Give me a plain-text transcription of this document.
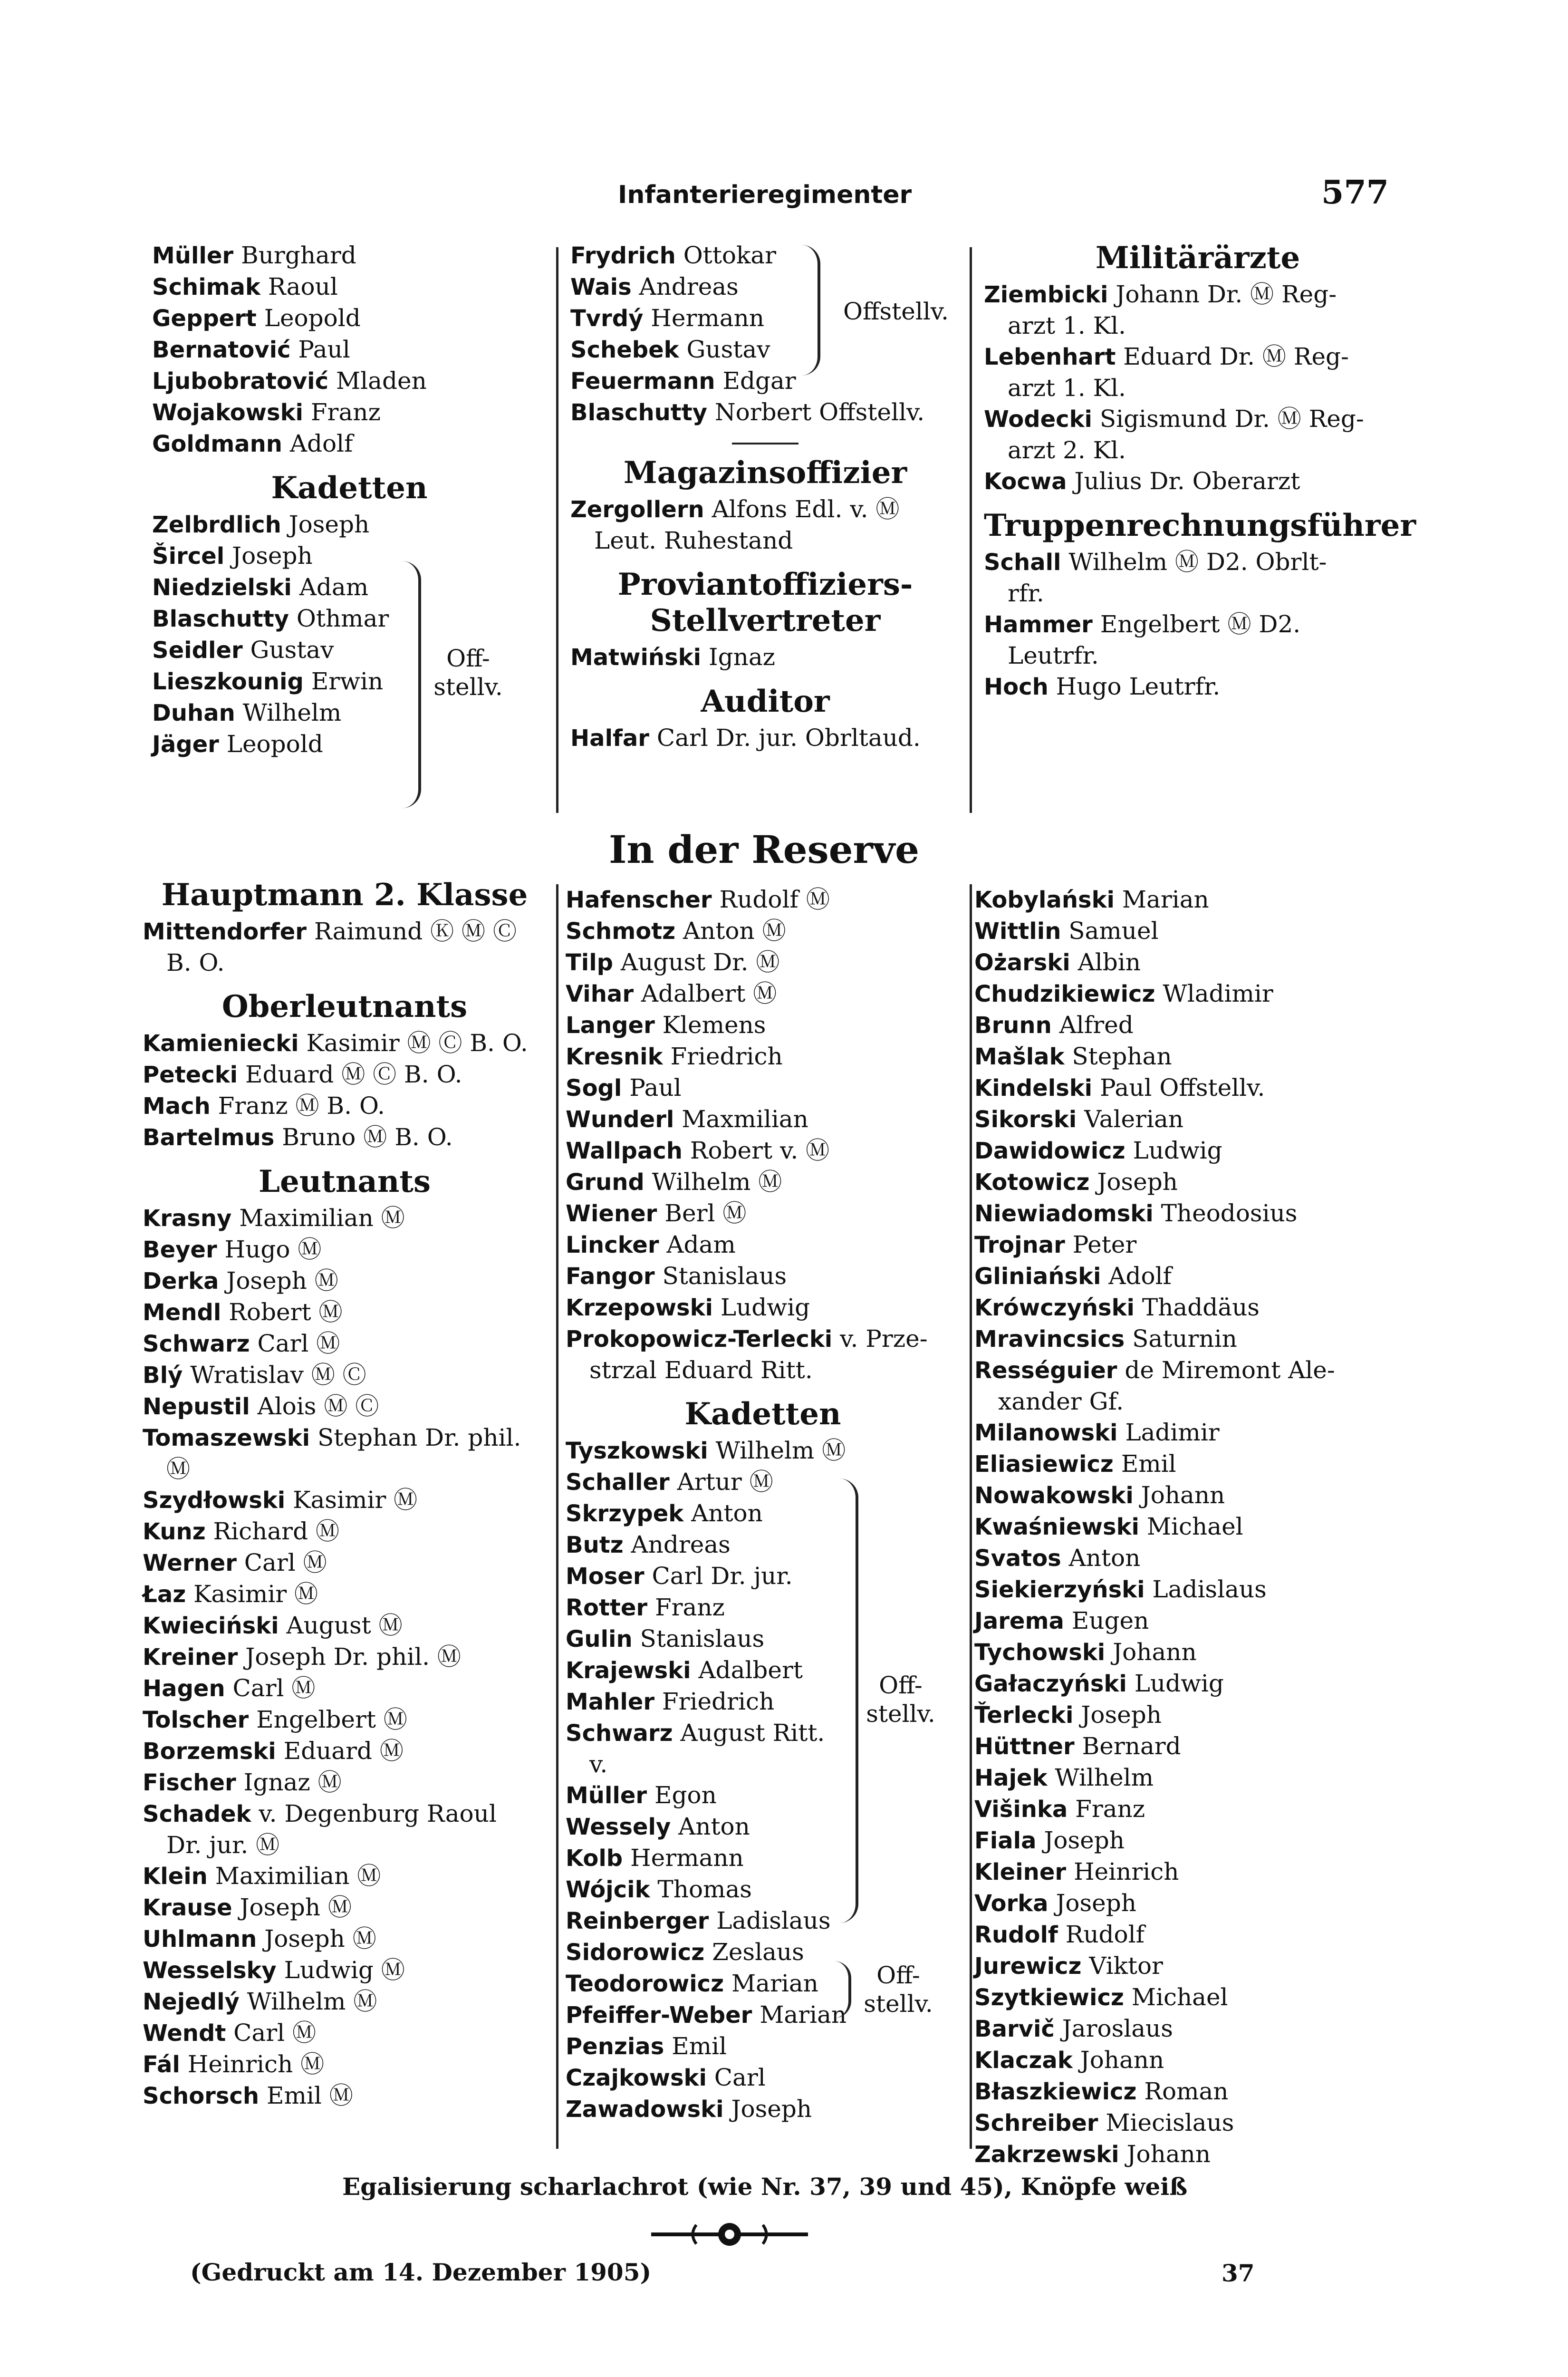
Infanterieregimenter	577
Müller Burghard
Schimak Raoul
Geppert Leopold
Bernatović Paul
Ljubobratović Mladen
Wojakowski Franz
Goldmann Adolf
Kadetten
Zelbrdlich Joseph
Šircel Joseph
Niedzielski Adam
Blaschutty Othmar
Seidler Gustav
Lieszkounig Erwin
Duhan Wilhelm
Jäger Leopold
Off-stellv.
Frydrich Ottokar
Wais Andreas
Tvrdý Hermann
Schebek Gustav
Feuermann Edgar
Blaschutty Norbert Offstellv.
Magazinsoffizier
Zergollern Alfons Edl. v. Ⓜ
Leut. Ruhestand
Proviantoffiziers-Stellvertreter
Matwiński Ignaz
Auditor
Halfar Carl Dr. jur. Obrltaud.
Offstellv.
Militärärzte
Ziembicki Johann Dr. Ⓜ Reg-
arzt 1. Kl.
Lebenhart Eduard Dr. Ⓜ Reg-
arzt 1. Kl.
Wodecki Sigismund Dr. Ⓜ Reg-
arzt 2. Kl.
Kocwa Julius Dr. Oberarzt
Truppenrechnungsführer
Schall Wilhelm Ⓜ D2. Obrlt-
rfr.
Hammer Engelbert Ⓜ D2.
Leutrfr.
Hoch Hugo Leutrfr.
In der Reserve
Hauptmann 2. Klasse
Mittendorfer Raimund Ⓚ Ⓜ Ⓒ
B. O.
Oberleutnants
Kamieniecki Kasimir Ⓜ Ⓒ B. O.
Petecki Eduard Ⓜ Ⓒ B. O.
Mach Franz Ⓜ B. O.
Bartelmus Bruno Ⓜ B. O.
Leutnants
Krasny Maximilian Ⓜ
Beyer Hugo Ⓜ
Derka Joseph Ⓜ
Mendl Robert Ⓜ
Schwarz Carl Ⓜ
Blý Wratislav Ⓜ Ⓒ
Nepustil Alois Ⓜ Ⓒ
Tomaszewski Stephan Dr. phil.
Ⓜ
Szydłowski Kasimir Ⓜ
Kunz Richard Ⓜ
Werner Carl Ⓜ
Łaz Kasimir Ⓜ
Kwieciński August Ⓜ
Kreiner Joseph Dr. phil. Ⓜ
Hagen Carl Ⓜ
Tolscher Engelbert Ⓜ
Borzemski Eduard Ⓜ
Fischer Ignaz Ⓜ
Schadek v. Degenburg Raoul
Dr. jur. Ⓜ
Klein Maximilian Ⓜ
Krause Joseph Ⓜ
Uhlmann Joseph Ⓜ
Wesselsky Ludwig Ⓜ
Nejedlý Wilhelm Ⓜ
Wendt Carl Ⓜ
Fál Heinrich Ⓜ
Schorsch Emil Ⓜ
Hafenscher Rudolf Ⓜ
Schmotz Anton Ⓜ
Tilp August Dr. Ⓜ
Vihar Adalbert Ⓜ
Langer Klemens
Kresnik Friedrich
Sogl Paul
Wunderl Maxmilian
Wallpach Robert v. Ⓜ
Grund Wilhelm Ⓜ
Wiener Berl Ⓜ
Lincker Adam
Fangor Stanislaus
Krzepowski Ludwig
Prokopowicz-Terlecki v. Prze-
strzal Eduard Ritt.
Kadetten
Tyszkowski Wilhelm Ⓜ
Schaller Artur Ⓜ
Skrzypek Anton
Butz Andreas
Moser Carl Dr. jur.
Rotter Franz
Gulin Stanislaus
Krajewski Adalbert
Mahler Friedrich
Schwarz August Ritt.
v.
Müller Egon
Wessely Anton
Kolb Hermann
Wójcik Thomas
Reinberger Ladislaus
Sidorowicz Zeslaus
Teodorowicz Marian
Pfeiffer-Weber Marian
Penzias Emil
Czajkowski Carl
Zawadowski Joseph
Off-stellv.
Off-stellv.
Kobylański Marian
Wittlin Samuel
Ożarski Albin
Chudzikiewicz Wladimir
Brunn Alfred
Mašlak Stephan
Kindelski Paul Offstellv.
Sikorski Valerian
Dawidowicz Ludwig
Kotowicz Joseph
Niewiadomski Theodosius
Trojnar Peter
Gliniański Adolf
Krówczyński Thaddäus
Mravincsics Saturnin
Rességuier de Miremont Ale-
xander Gf.
Milanowski Ladimir
Eliasiewicz Emil
Nowakowski Johann
Kwaśniewski Michael
Svatos Anton
Siekierzyński Ladislaus
Jarema Eugen
Tychowski Johann
Gałaczyński Ludwig
Ťerlecki Joseph
Hüttner Bernard
Hajek Wilhelm
Višinka Franz
Fiala Joseph
Kleiner Heinrich
Vorka Joseph
Rudolf Rudolf
Jurewicz Viktor
Szytkiewicz Michael
Barvič Jaroslaus
Klaczak Johann
Błaszkiewicz Roman
Schreiber Miecislaus
Zakrzewski Johann
Egalisierung scharlachrot (wie Nr. 37, 39 und 45), Knöpfe weiß
(Gedruckt am 14. Dezember 1905)	37
